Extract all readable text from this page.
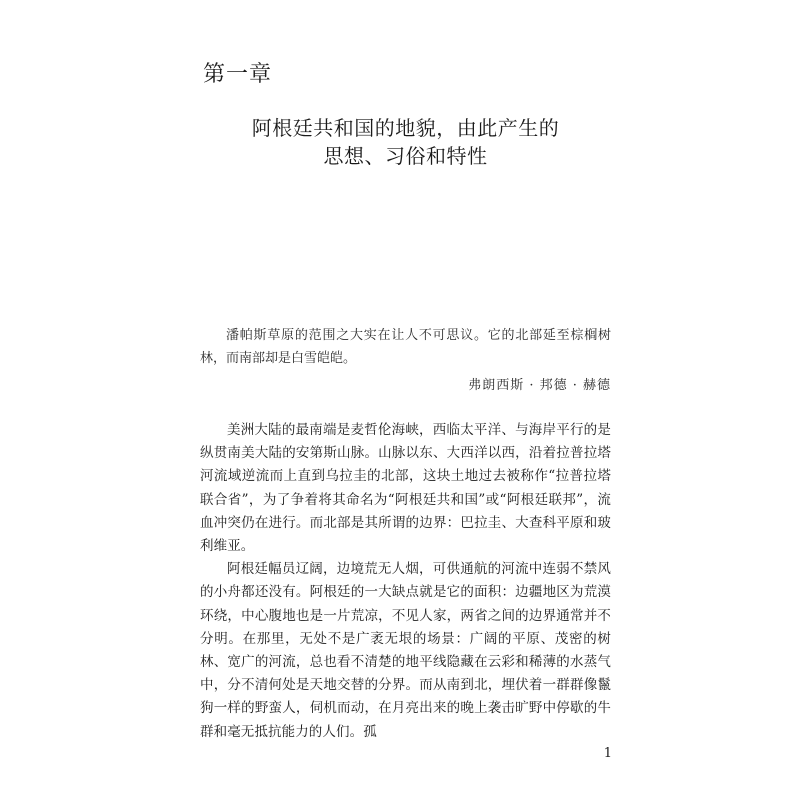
第一章
阿根廷共和国的地貌，由此产生的
思想、习俗和特性

潘帕斯草原的范围之大实在让人不可思议。它的北部延至棕榈树林，而南部却是白雪皑皑。

弗朗西斯 · 邦德 · 赫德

美洲大陆的最南端是麦哲伦海峡，西临太平洋、与海岸平行的是纵贯南美大陆的安第斯山脉。山脉以东、大西洋以西，沿着拉普拉塔河流域逆流而上直到乌拉圭的北部，这块土地过去被称作“拉普拉塔联合省”，为了争着将其命名为“阿根廷共和国”或“阿根廷联邦”，流血冲突仍在进行。而北部是其所谓的边界：巴拉圭、大查科平原和玻利维亚。

阿根廷幅员辽阔，边境荒无人烟，可供通航的河流中连弱不禁风的小舟都还没有。阿根廷的一大缺点就是它的面积：边疆地区为荒漠环绕，中心腹地也是一片荒凉，不见人家，两省之间的边界通常并不分明。在那里，无处不是广袤无垠的场景：广阔的平原、茂密的树林、宽广的河流，总也看不清楚的地平线隐藏在云彩和稀薄的水蒸气中，分不清何处是天地交替的分界。而从南到北，埋伏着一群群像鬣狗一样的野蛮人，伺机而动，在月亮出来的晚上袭击旷野中停歇的牛群和毫无抵抗能力的人们。孤

1
